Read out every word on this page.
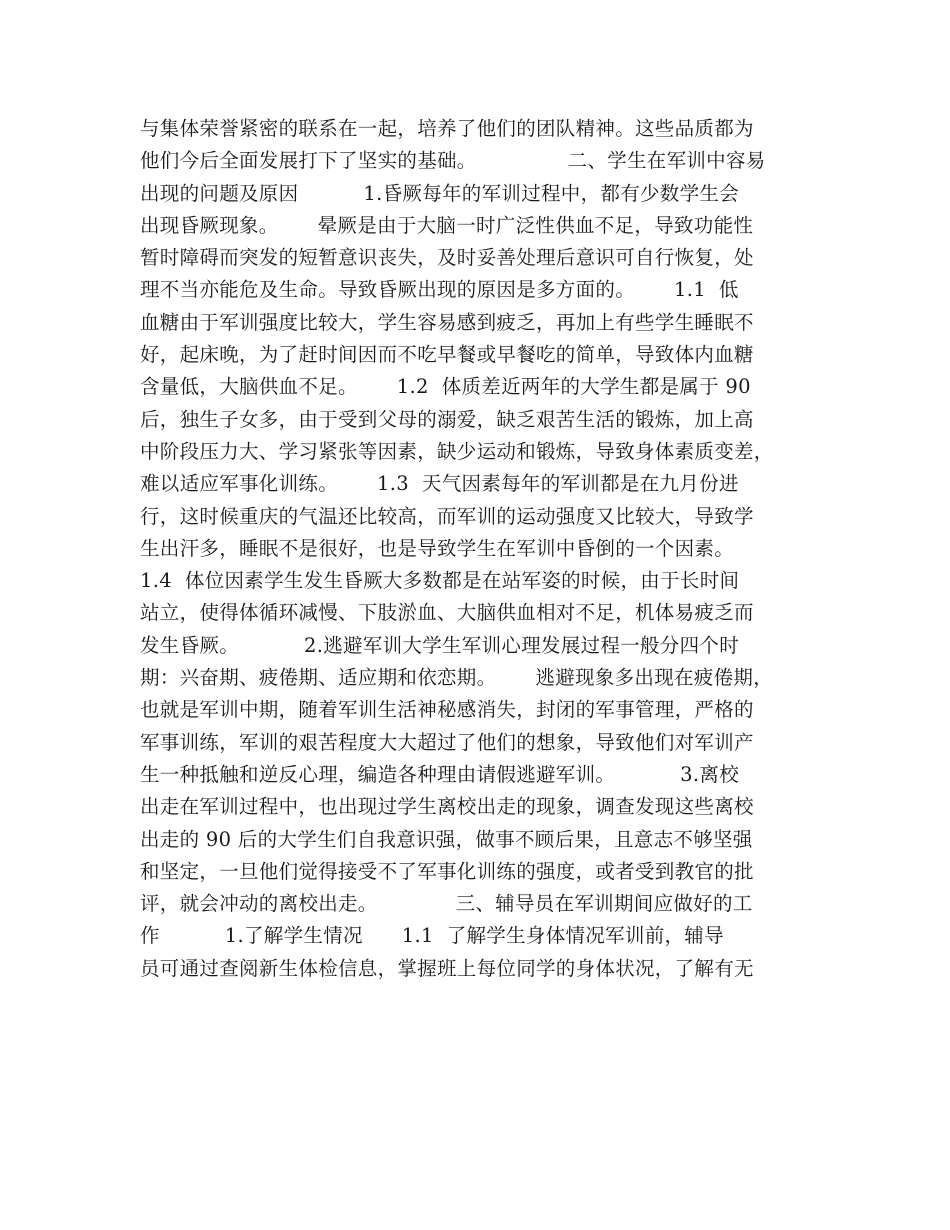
与集体荣誉紧密的联系在一起，培养了他们的团队精神。这些品质都为
他们今后全面发展打下了坚实的基础。              二、学生在军训中容易
出现的问题及原因          1.昏厥每年的军训过程中，都有少数学生会
出现昏厥现象。      晕厥是由于大脑一时广泛性供血不足，导致功能性
暂时障碍而突发的短暂意识丧失，及时妥善处理后意识可自行恢复，处
理不当亦能危及生命。导致昏厥出现的原因是多方面的。      1.1  低
血糖由于军训强度比较大，学生容易感到疲乏，再加上有些学生睡眠不
好，起床晚，为了赶时间因而不吃早餐或早餐吃的简单，导致体内血糖
含量低，大脑供血不足。      1.2  体质差近两年的大学生都是属于 90
后，独生子女多，由于受到父母的溺爱，缺乏艰苦生活的锻炼，加上高
中阶段压力大、学习紧张等因素，缺少运动和锻炼，导致身体素质变差，
难以适应军事化训练。      1.3  天气因素每年的军训都是在九月份进
行，这时候重庆的气温还比较高，而军训的运动强度又比较大，导致学
生出汗多，睡眠不是很好，也是导致学生在军训中昏倒的一个因素。
1.4  体位因素学生发生昏厥大多数都是在站军姿的时候，由于长时间
站立，使得体循环减慢、下肢淤血、大脑供血相对不足，机体易疲乏而
发生昏厥。          2.逃避军训大学生军训心理发展过程一般分四个时
期：兴奋期、疲倦期、适应期和依恋期。      逃避现象多出现在疲倦期，
也就是军训中期，随着军训生活神秘感消失，封闭的军事管理，严格的
军事训练，军训的艰苦程度大大超过了他们的想象，导致他们对军训产
生一种抵触和逆反心理，编造各种理由请假逃避军训。          3.离校
出走在军训过程中，也出现过学生离校出走的现象，调查发现这些离校
出走的 90 后的大学生们自我意识强，做事不顾后果，且意志不够坚强
和坚定，一旦他们觉得接受不了军事化训练的强度，或者受到教官的批
评，就会冲动的离校出走。            三、辅导员在军训期间应做好的工
作          1.了解学生情况      1.1  了解学生身体情况军训前，辅导
员可通过查阅新生体检信息，掌握班上每位同学的身体状况，了解有无
